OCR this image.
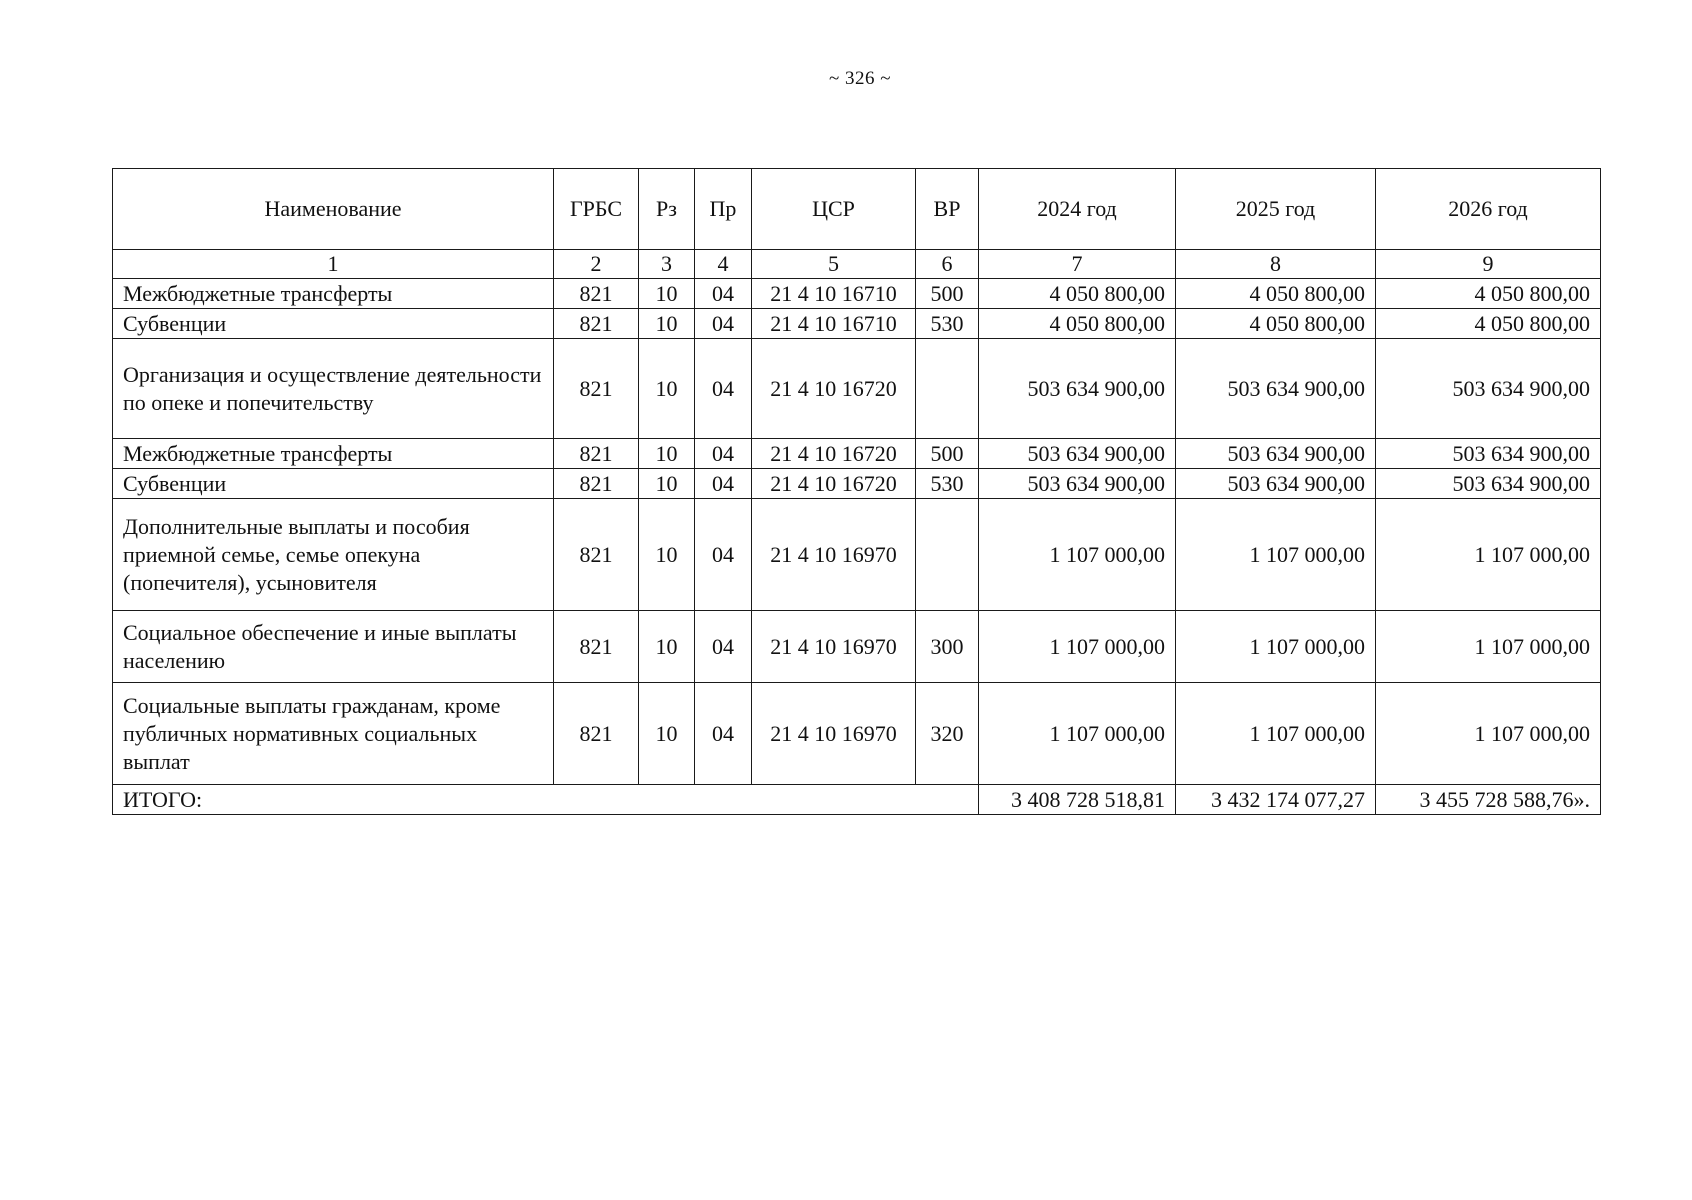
~ 326 ~
Наименование	ГРБС	Рз	Пр	ЦСР	ВР	2024 год	2025 год	2026 год
1	2	3	4	5	6	7	8	9
Межбюджетные трансферты	821	10	04	21 4 10 16710	500	4 050 800,00	4 050 800,00	4 050 800,00
Субвенции	821	10	04	21 4 10 16710	530	4 050 800,00	4 050 800,00	4 050 800,00
Организация и осуществление деятельности по опеке и попечительству	821	10	04	21 4 10 16720		503 634 900,00	503 634 900,00	503 634 900,00
Межбюджетные трансферты	821	10	04	21 4 10 16720	500	503 634 900,00	503 634 900,00	503 634 900,00
Субвенции	821	10	04	21 4 10 16720	530	503 634 900,00	503 634 900,00	503 634 900,00
Дополнительные выплаты и пособия приемной семье, семье опекуна (попечителя), усыновителя	821	10	04	21 4 10 16970		1 107 000,00	1 107 000,00	1 107 000,00
Социальное обеспечение и иные выплаты населению	821	10	04	21 4 10 16970	300	1 107 000,00	1 107 000,00	1 107 000,00
Социальные выплаты гражданам, кроме публичных нормативных социальных выплат	821	10	04	21 4 10 16970	320	1 107 000,00	1 107 000,00	1 107 000,00
ИТОГО:						3 408 728 518,81	3 432 174 077,27	3 455 728 588,76».
